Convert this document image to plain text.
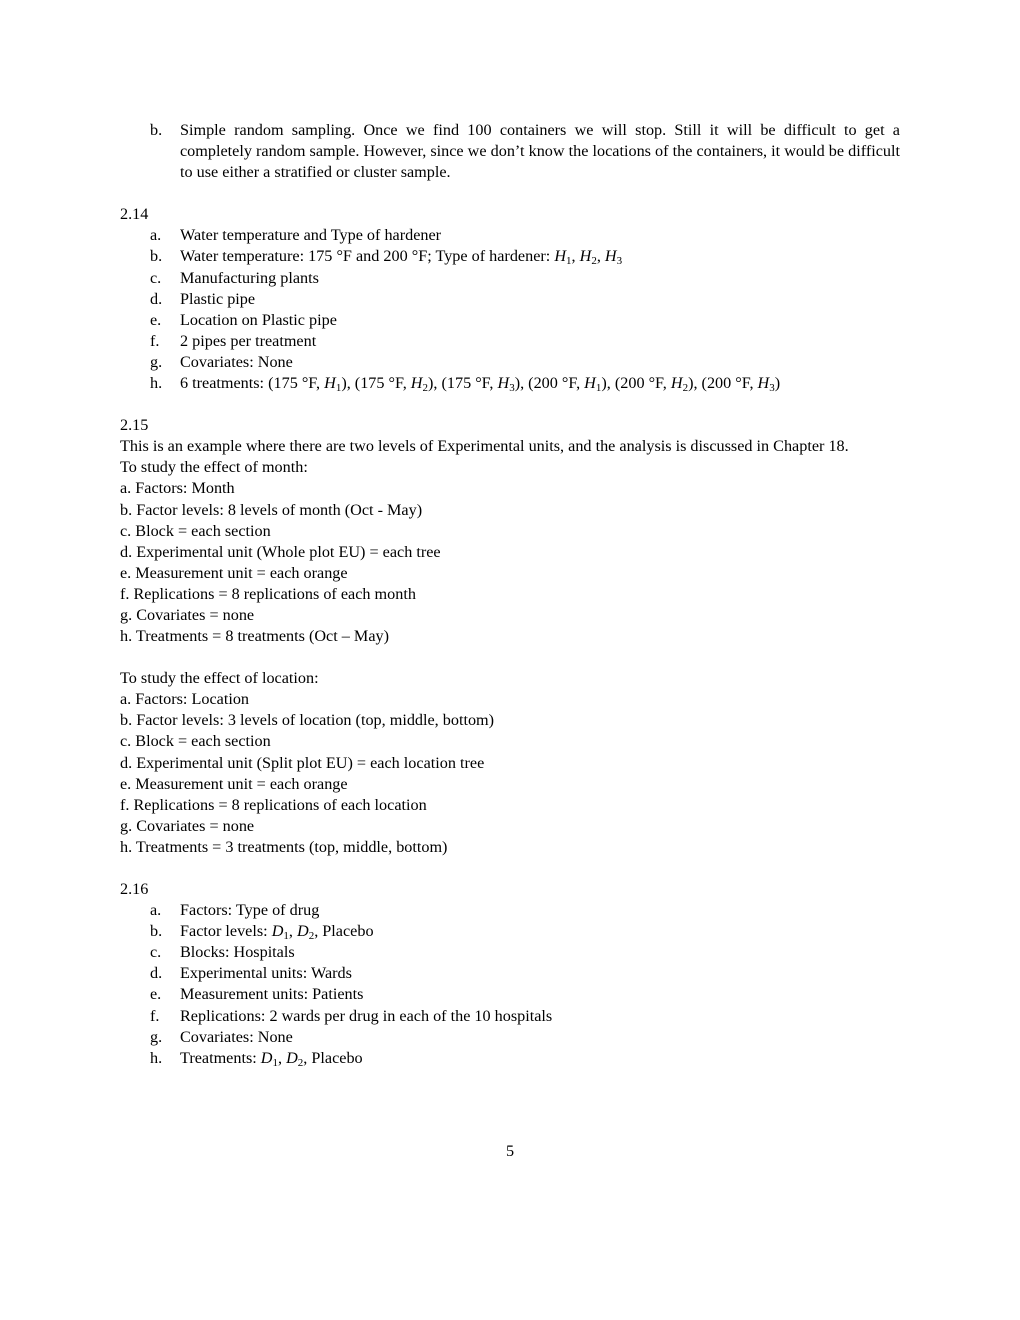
b.	Simple random sampling. Once we find 100 containers we will stop. Still it will be difficult to get a completely random sample. However, since we don’t know the locations of the containers, it would be difficult to use either a stratified or cluster sample.
2.14
a.	Water temperature and Type of hardener
b.	Water temperature: 175 °F and 200 °F; Type of hardener: $H_1$, $H_2$, $H_3$
c.	Manufacturing plants
d.	Plastic pipe
e.	Location on Plastic pipe
f.	2 pipes per treatment
g.	Covariates: None
h.	6 treatments: (175 °F, $H_1$), (175 °F, $H_2$), (175 °F, $H_3$), (200 °F, $H_1$), (200 °F, $H_2$), (200 °F, $H_3$)
2.15

This is an example where there are two levels of Experimental units, and the analysis is discussed in Chapter 18.

To study the effect of month:
a. Factors: Month
b. Factor levels: 8 levels of month (Oct - May)
c. Block = each section
d. Experimental unit (Whole plot EU) = each tree
e. Measurement unit = each orange
f. Replications = 8 replications of each month
g. Covariates = none
h. Treatments = 8 treatments (Oct – May)
To study the effect of location:
a. Factors: Location
b. Factor levels: 3 levels of location (top, middle, bottom)
c. Block = each section
d. Experimental unit (Split plot EU) = each location tree
e. Measurement unit = each orange
f. Replications = 8 replications of each location
g. Covariates = none
h. Treatments = 3 treatments (top, middle, bottom)
2.16
a.	Factors: Type of drug
b.	Factor levels: $D_1$, $D_2$, Placebo
c.	Blocks: Hospitals
d.	Experimental units: Wards
e.	Measurement units: Patients
f.	Replications: 2 wards per drug in each of the 10 hospitals
g.	Covariates: None
h.	Treatments: $D_1$, $D_2$, Placebo
5
